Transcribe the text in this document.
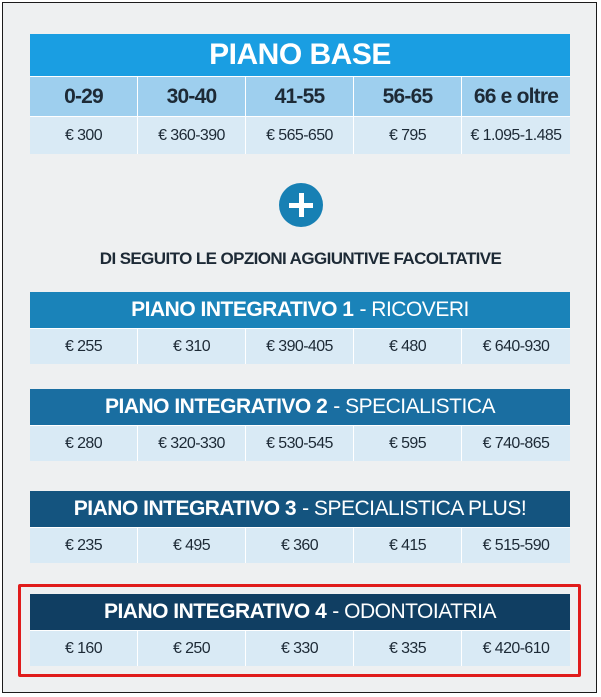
PIANO BASE
0-29	30-40	41-55	56-65	66 e oltre
€ 300	€ 360-390	€ 565-650	€ 795	€ 1.095-1.485
DI SEGUITO LE OPZIONI AGGIUNTIVE FACOLTATIVE
PIANO INTEGRATIVO 1 - RICOVERI
€ 255	€ 310	€ 390-405	€ 480	€ 640-930
PIANO INTEGRATIVO 2 - SPECIALISTICA
€ 280	€ 320-330	€ 530-545	€ 595	€ 740-865
PIANO INTEGRATIVO 3 - SPECIALISTICA PLUS!
€ 235	€ 495	€ 360	€ 415	€ 515-590
PIANO INTEGRATIVO 4 - ODONTOIATRIA
€ 160	€ 250	€ 330	€ 335	€ 420-610
